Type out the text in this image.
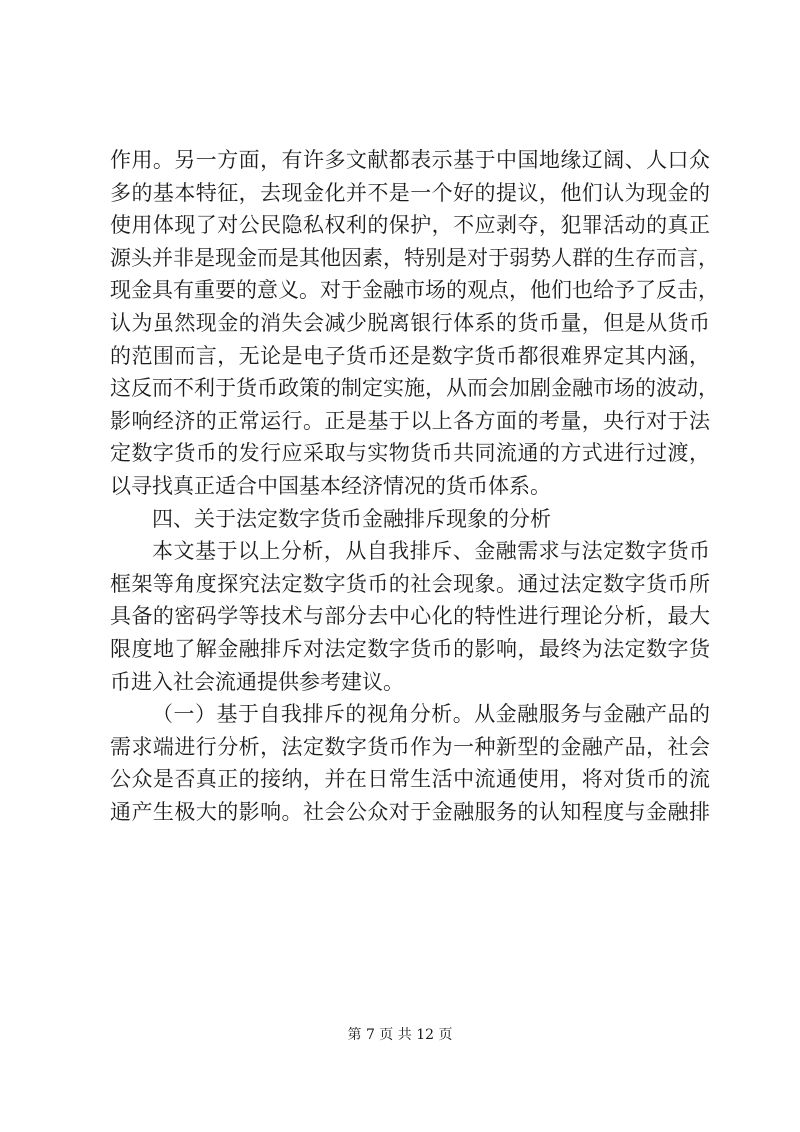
作用。另一方面，有许多文献都表示基于中国地缘辽阔、人口众
多的基本特征，去现金化并不是一个好的提议，他们认为现金的
使用体现了对公民隐私权利的保护，不应剥夺，犯罪活动的真正
源头并非是现金而是其他因素，特别是对于弱势人群的生存而言，
现金具有重要的意义。对于金融市场的观点，他们也给予了反击，
认为虽然现金的消失会减少脱离银行体系的货币量，但是从货币
的范围而言，无论是电子货币还是数字货币都很难界定其内涵，
这反而不利于货币政策的制定实施，从而会加剧金融市场的波动，
影响经济的正常运行。正是基于以上各方面的考量，央行对于法
定数字货币的发行应采取与实物货币共同流通的方式进行过渡，
以寻找真正适合中国基本经济情况的货币体系。
四、关于法定数字货币金融排斥现象的分析
本文基于以上分析，从自我排斥、金融需求与法定数字货币
框架等角度探究法定数字货币的社会现象。通过法定数字货币所
具备的密码学等技术与部分去中心化的特性进行理论分析，最大
限度地了解金融排斥对法定数字货币的影响，最终为法定数字货
币进入社会流通提供参考建议。
（一）基于自我排斥的视角分析。从金融服务与金融产品的
需求端进行分析，法定数字货币作为一种新型的金融产品，社会
公众是否真正的接纳，并在日常生活中流通使用，将对货币的流
通产生极大的影响。社会公众对于金融服务的认知程度与金融排
第 7 页 共 12 页
